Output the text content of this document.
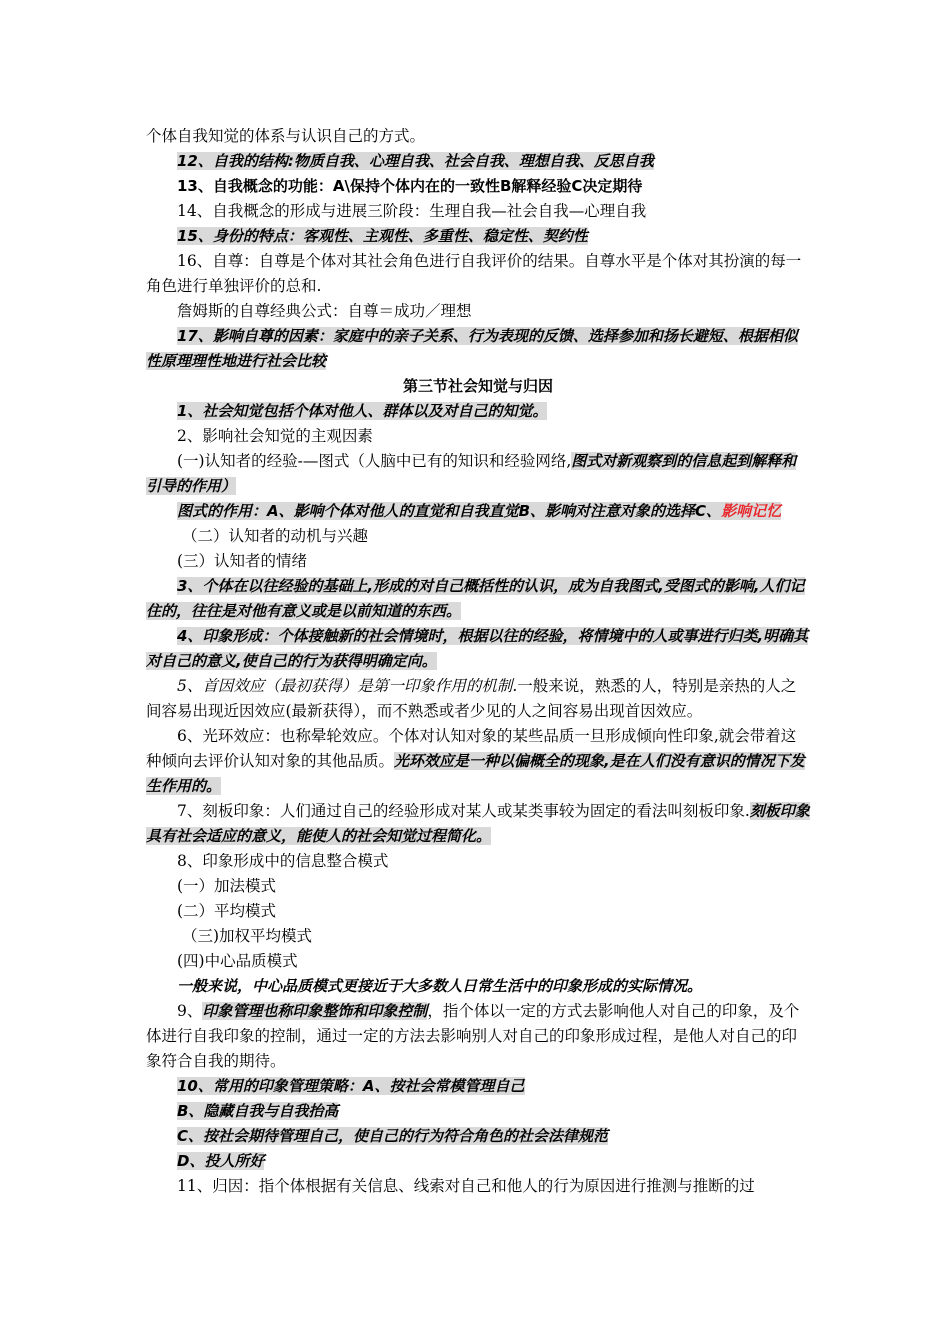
个体自我知觉的体系与认识自己的方式。

12、自我的结构:物质自我、心理自我、社会自我、理想自我、反思自我

13、自我概念的功能：A\保持个体内在的一致性B解释经验C决定期待

14、自我概念的形成与进展三阶段：生理自我—社会自我—心理自我

15、身份的特点：客观性、主观性、多重性、稳定性、契约性

16、自尊：自尊是个体对其社会角色进行自我评价的结果。自尊水平是个体对其扮演的每一角色进行单独评价的总和.

詹姆斯的自尊经典公式：自尊＝成功／理想

17、影响自尊的因素：家庭中的亲子关系、行为表现的反馈、选择参加和扬长避短、根据相似性原理理性地进行社会比较

第三节社会知觉与归因

1、社会知觉包括个体对他人、群体以及对自己的知觉。

2、影响社会知觉的主观因素

(一)认知者的经验-—图式（人脑中已有的知识和经验网络,图式对新观察到的信息起到解释和引导的作用）

图式的作用：A、影响个体对他人的直觉和自我直觉B、影响对注意对象的选择C、影响记忆

（二）认知者的动机与兴趣

(三）认知者的情绪

3、个体在以往经验的基础上,形成的对自己概括性的认识，成为自我图式,受图式的影响,人们记住的，往往是对他有意义或是以前知道的东西。

4、印象形成：个体接触新的社会情境时，根据以往的经验，将情境中的人或事进行归类,明确其对自己的意义,使自己的行为获得明确定向。

5、首因效应（最初获得）是第一印象作用的机制.一般来说，熟悉的人，特别是亲热的人之间容易出现近因效应(最新获得），而不熟悉或者少见的人之间容易出现首因效应。

6、光环效应：也称晕轮效应。个体对认知对象的某些品质一旦形成倾向性印象,就会带着这种倾向去评价认知对象的其他品质。光环效应是一种以偏概全的现象,是在人们没有意识的情况下发生作用的。

7、刻板印象：人们通过自己的经验形成对某人或某类事较为固定的看法叫刻板印象.刻板印象具有社会适应的意义，能使人的社会知觉过程简化。

8、印象形成中的信息整合模式

(一）加法模式

(二）平均模式

（三)加权平均模式

(四)中心品质模式

一般来说，中心品质模式更接近于大多数人日常生活中的印象形成的实际情况。

9、印象管理也称印象整饰和印象控制，指个体以一定的方式去影响他人对自己的印象，及个体进行自我印象的控制，通过一定的方法去影响别人对自己的印象形成过程，是他人对自己的印象符合自我的期待。

10、常用的印象管理策略：A、按社会常模管理自己

B、隐藏自我与自我抬高

C、按社会期待管理自己，使自己的行为符合角色的社会法律规范

D、投人所好

11、归因：指个体根据有关信息、线索对自己和他人的行为原因进行推测与推断的过
